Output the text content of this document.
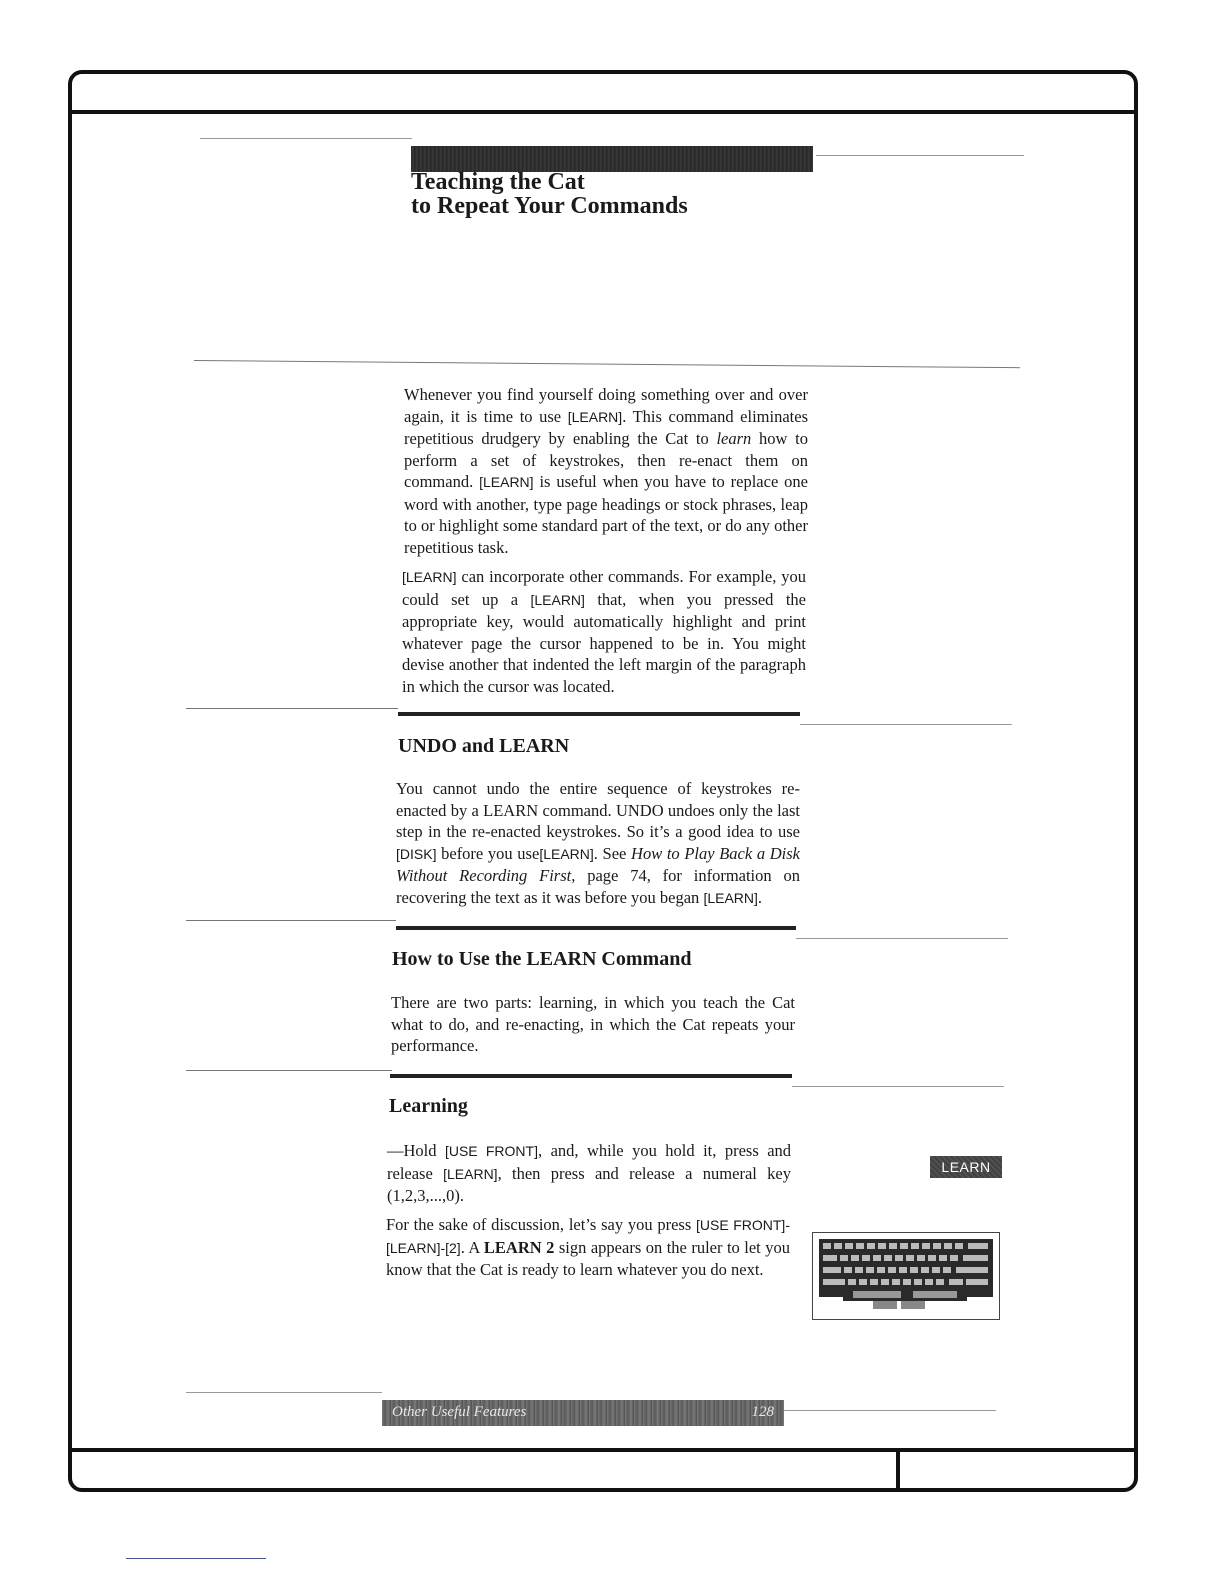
Teaching the Cat
to Repeat Your Commands

Whenever you find yourself doing something over and over again, it is time to use [LEARN]. This command eliminates repetitious drudgery by enabling the Cat to learn how to perform a set of keystrokes, then re-enact them on command. [LEARN] is useful when you have to replace one word with another, type page headings or stock phrases, leap to or highlight some standard part of the text, or do any other repetitious task.

[LEARN] can incorporate other commands. For example, you could set up a [LEARN] that, when you pressed the appropriate key, would automatically highlight and print whatever page the cursor happened to be in. You might devise another that indented the left margin of the paragraph in which the cursor was located.

UNDO and LEARN

You cannot undo the entire sequence of keystrokes re-enacted by a LEARN command. UNDO undoes only the last step in the re-enacted keystrokes. So it’s a good idea to use [DISK] before you use[LEARN]. See How to Play Back a Disk Without Recording First, page 74, for information on recovering the text as it was before you began [LEARN].

How to Use the LEARN Command

There are two parts: learning, in which you teach the Cat what to do, and re-enacting, in which the Cat repeats your performance.

Learning

—Hold [USE FRONT], and, while you hold it, press and release [LEARN], then press and release a numeral key (1,2,3,...,0).

For the sake of discussion, let’s say you press [USE FRONT]-[LEARN]-[2]. A LEARN 2 sign appears on the ruler to let you know that the Cat is ready to learn whatever you do next.

LEARN
Other Useful Features	128
